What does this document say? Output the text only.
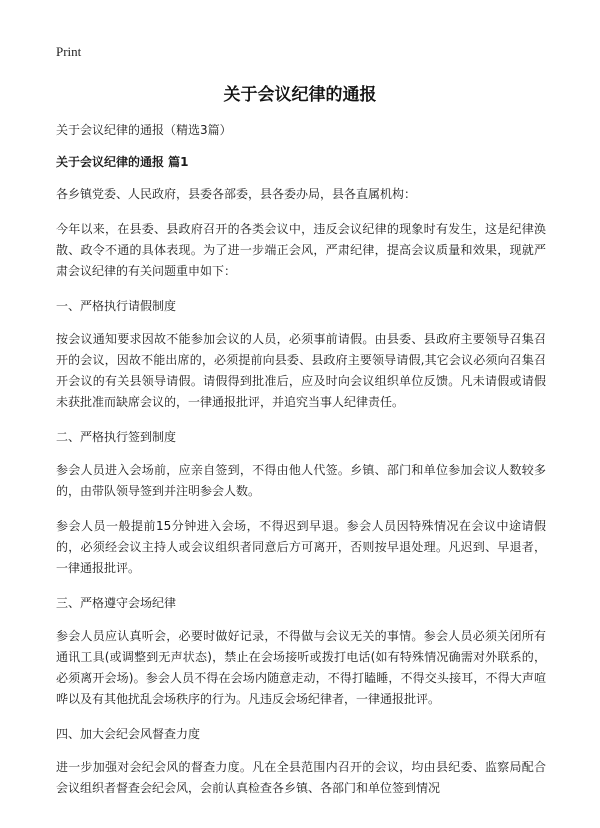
Print
关于会议纪律的通报

关于会议纪律的通报（精选3篇）

关于会议纪律的通报 篇1

各乡镇党委、人民政府，县委各部委，县各委办局，县各直属机构：

今年以来，在县委、县政府召开的各类会议中，违反会议纪律的现象时有发生，这是纪律涣散、政令不通的具体表现。为了进一步端正会风，严肃纪律，提高会议质量和效果，现就严肃会议纪律的有关问题重申如下：

一、严格执行请假制度

按会议通知要求因故不能参加会议的人员，必须事前请假。由县委、县政府主要领导召集召开的会议，因故不能出席的，必须提前向县委、县政府主要领导请假,其它会议必须向召集召开会议的有关县领导请假。请假得到批准后，应及时向会议组织单位反馈。凡未请假或请假未获批准而缺席会议的，一律通报批评，并追究当事人纪律责任。

二、严格执行签到制度

参会人员进入会场前，应亲自签到，不得由他人代签。乡镇、部门和单位参加会议人数较多的，由带队领导签到并注明参会人数。

参会人员一般提前15分钟进入会场，不得迟到早退。参会人员因特殊情况在会议中途请假的，必须经会议主持人或会议组织者同意后方可离开，否则按早退处理。凡迟到、早退者，一律通报批评。

三、严格遵守会场纪律

参会人员应认真听会，必要时做好记录，不得做与会议无关的事情。参会人员必须关闭所有通讯工具(或调整到无声状态)，禁止在会场接听或拨打电话(如有特殊情况确需对外联系的，必须离开会场)。参会人员不得在会场内随意走动，不得打瞌睡，不得交头接耳，不得大声喧哗以及有其他扰乱会场秩序的行为。凡违反会场纪律者，一律通报批评。

四、加大会纪会风督查力度

进一步加强对会纪会风的督查力度。凡在全县范围内召开的会议，均由县纪委、监察局配合会议组织者督查会纪会风，会前认真检查各乡镇、各部门和单位签到情况
